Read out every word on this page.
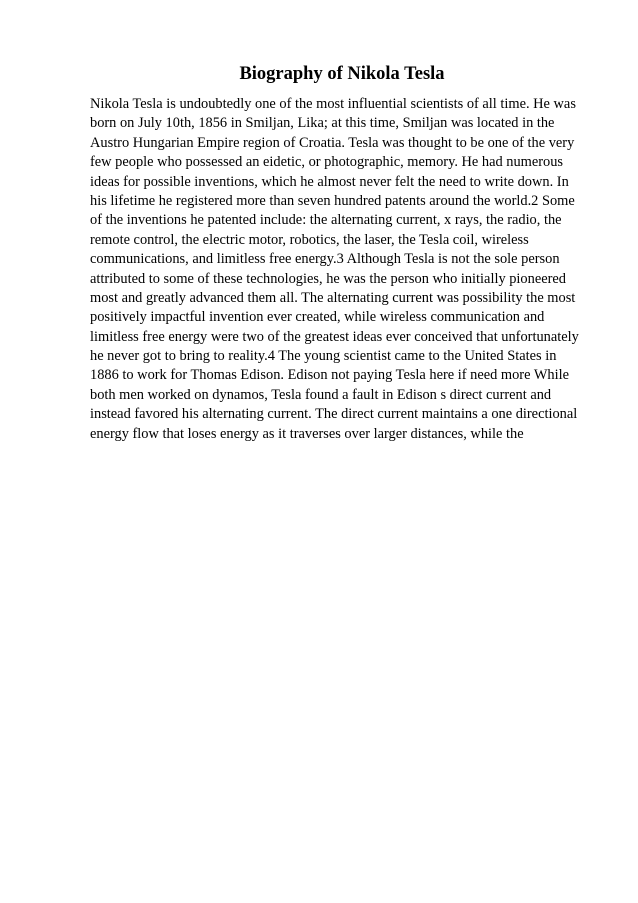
Biography of Nikola Tesla
Nikola Tesla is undoubtedly one of the most influential scientists of all time. He was
born on July 10th, 1856 in Smiljan, Lika; at this time, Smiljan was located in the
Austro Hungarian Empire region of Croatia. Tesla was thought to be one of the very
few people who possessed an eidetic, or photographic, memory. He had numerous
ideas for possible inventions, which he almost never felt the need to write down. In
his lifetime he registered more than seven hundred patents around the world.2 Some
of the inventions he patented include: the alternating current, x rays, the radio, the
remote control, the electric motor, robotics, the laser, the Tesla coil, wireless
communications, and limitless free energy.3 Although Tesla is not the sole person
attributed to some of these technologies, he was the person who initially pioneered
most and greatly advanced them all. The alternating current was possibility the most
positively impactful invention ever created, while wireless communication and
limitless free energy were two of the greatest ideas ever conceived that unfortunately
he never got to bring to reality.4 The young scientist came to the United States in
1886 to work for Thomas Edison. Edison not paying Tesla here if need more While
both men worked on dynamos, Tesla found a fault in Edison s direct current and
instead favored his alternating current. The direct current maintains a one directional
energy flow that loses energy as it traverses over larger distances, while the
